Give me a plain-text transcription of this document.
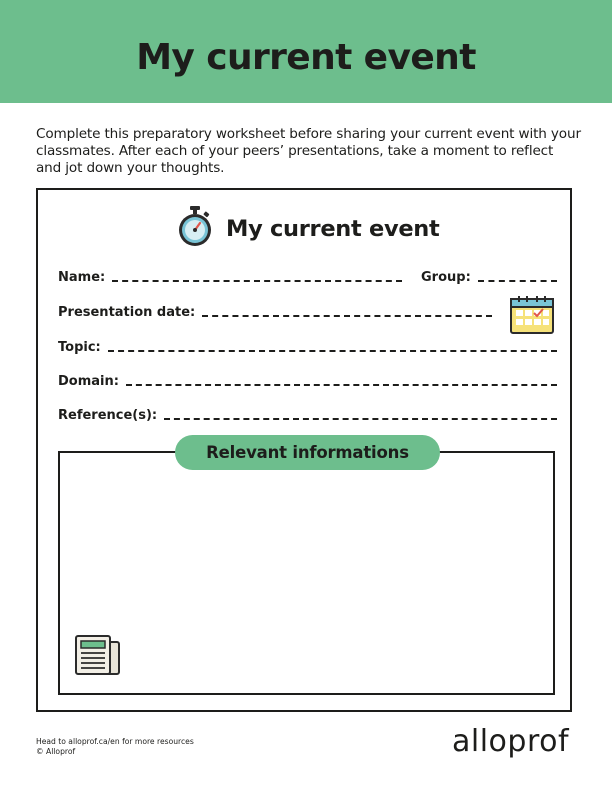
My current event
Complete this preparatory worksheet before sharing your current event with your classmates. After each of your peers’ presentations, take a moment to reflect and jot down your thoughts.
My current event
Name:	Group:
Presentation date:
Topic:
Domain:
Reference(s):
Relevant informations
Head to alloprof.ca/en for more resources
© Alloprof	alloprof
